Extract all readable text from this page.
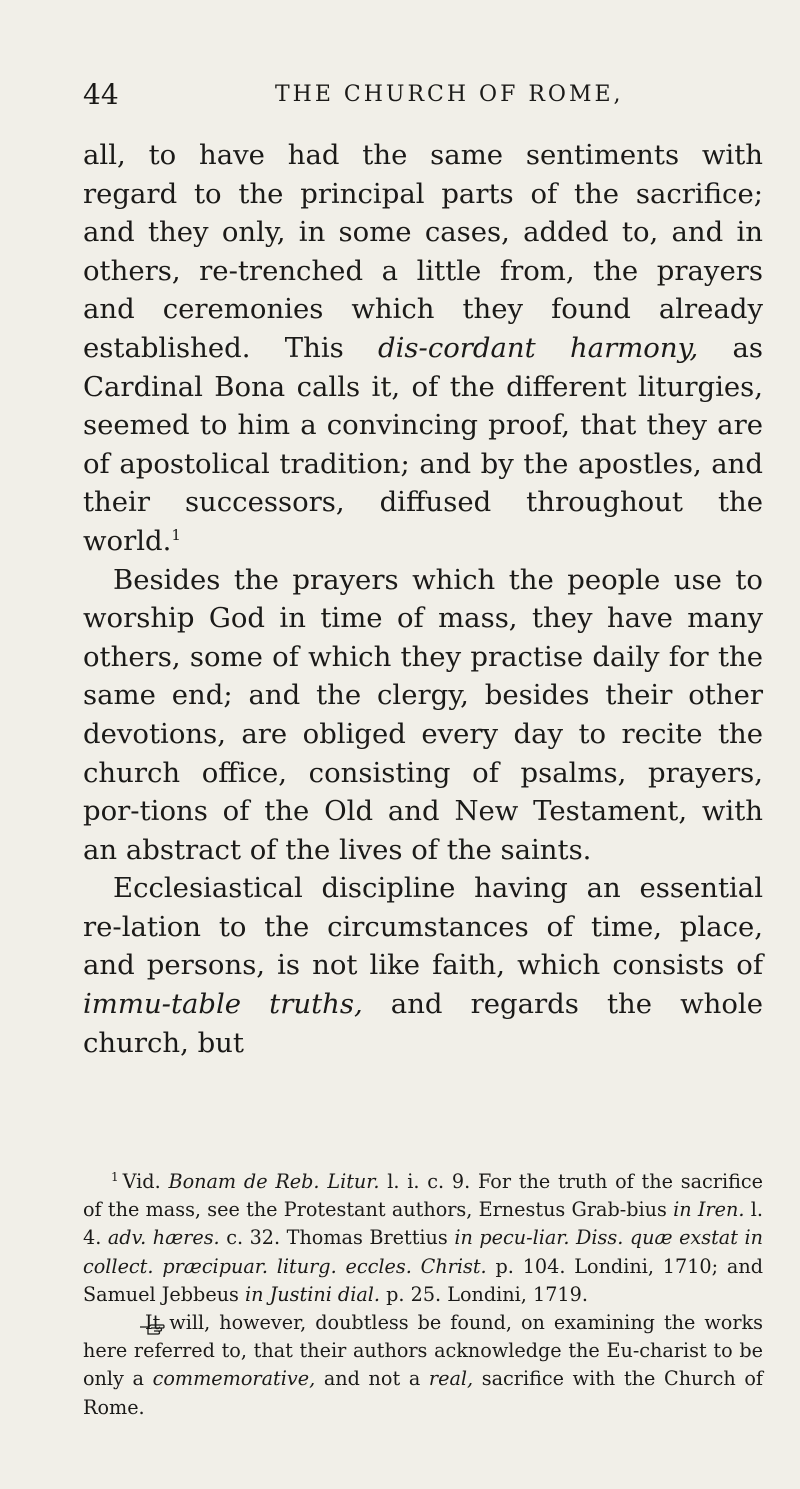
44	THE CHURCH OF ROME,

all, to have had the same sentiments with regard to the principal parts of the sacrifice; and they only, in some cases, added to, and in others, re-trenched a little from, the prayers and ceremonies which they found already established. This dis-cordant harmony, as Cardinal Bona calls it, of the different liturgies, seemed to him a convincing proof, that they are of apostolical tradition; and by the apostles, and their successors, diffused throughout the world.$^1$

Besides the prayers which the people use to worship God in time of mass, they have many others, some of which they practise daily for the same end; and the clergy, besides their other devotions, are obliged every day to recite the church office, consisting of psalms, prayers, por-tions of the Old and New Testament, with an abstract of the lives of the saints.

Ecclesiastical discipline having an essential re-lation to the circumstances of time, place, and persons, is not like faith, which consists of immu-table truths, and regards the whole church, but

$^1$ Vid. Bonam de Reb. Litur. l. i. c. 9. For the truth of the sacrifice of the mass, see the Protestant authors, Ernestus Grab-bius in Iren. l. 4. adv. hæres. c. 32. Thomas Brettius in pecu-liar. Diss. quæ exstat in collect. præcipuar. liturg. eccles. Christ. p. 104. Londini, 1710; and Samuel Jebbeus in Justini dial. p. 25. Londini, 1719.

It will, however, doubtless be found, on examining the works here referred to, that their authors acknowledge the Eu-charist to be only a commemorative, and not a real, sacrifice with the Church of Rome.
